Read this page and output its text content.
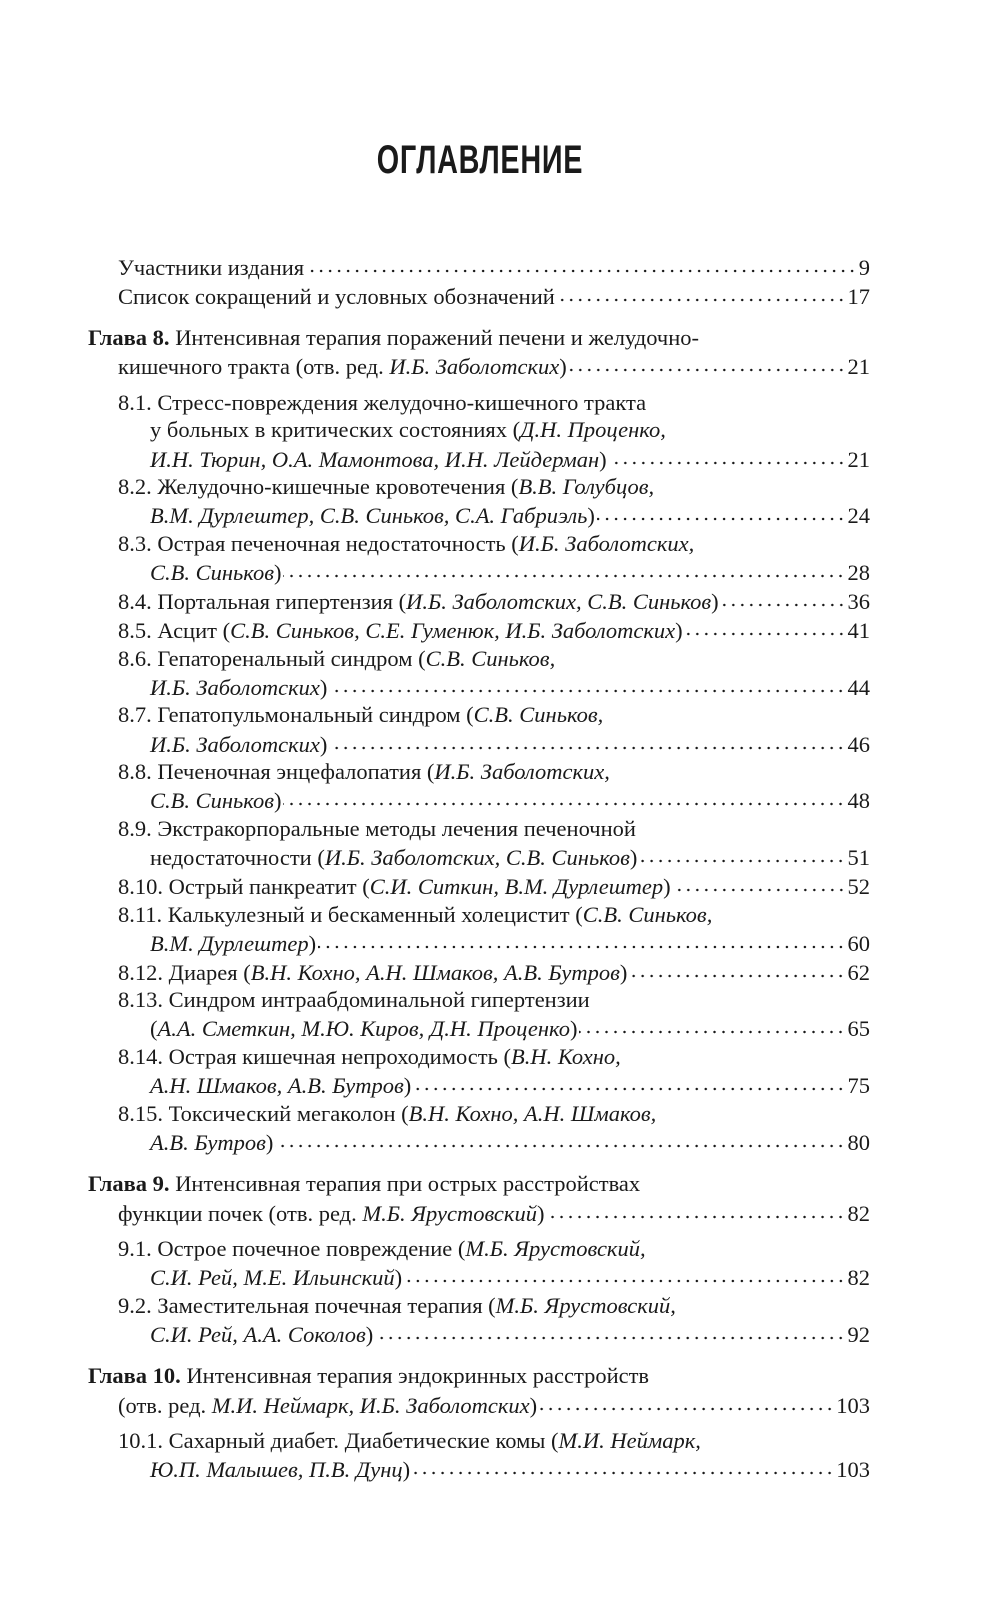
ОГЛАВЛЕНИЕ
Участники издания	9
Список сокращений и условных обозначений	17
Глава 8. Интенсивная терапия поражений печени и желудочно-
кишечного тракта (отв. ред. И.Б. Заболотских)	21
8.1. Стресс-повреждения желудочно-кишечного тракта
у больных в критических состояниях (Д.Н. Проценко,
И.Н. Тюрин, О.А. Мамонтова, И.Н. Лейдерман)	21
8.2. Желудочно-кишечные кровотечения (В.В. Голубцов,
В.М. Дурлештер, С.В. Синьков, С.А. Габриэль)	24
8.3. Острая печеночная недостаточность (И.Б. Заболотских,
С.В. Синьков)	28
8.4. Портальная гипертензия (И.Б. Заболотских, С.В. Синьков)	36
8.5. Асцит (С.В. Синьков, С.Е. Гуменюк, И.Б. Заболотских)	41
8.6. Гепаторенальный синдром (С.В. Синьков,
И.Б. Заболотских)	44
8.7. Гепатопульмональный синдром (С.В. Синьков,
И.Б. Заболотских)	46
8.8. Печеночная энцефалопатия (И.Б. Заболотских,
С.В. Синьков)	48
8.9. Экстракорпоральные методы лечения печеночной
недостаточности (И.Б. Заболотских, С.В. Синьков)	51
8.10. Острый панкреатит (С.И. Ситкин, В.М. Дурлештер)	52
8.11. Калькулезный и бескаменный холецистит (С.В. Синьков,
В.М. Дурлештер)	60
8.12. Диарея (В.Н. Кохно, А.Н. Шмаков, А.В. Бутров)	62
8.13. Синдром интраабдоминальной гипертензии
(А.А. Сметкин, М.Ю. Киров, Д.Н. Проценко)	65
8.14. Острая кишечная непроходимость (В.Н. Кохно,
А.Н. Шмаков, А.В. Бутров)	75
8.15. Токсический мегаколон (В.Н. Кохно, А.Н. Шмаков,
А.В. Бутров)	80
Глава 9. Интенсивная терапия при острых расстройствах
функции почек (отв. ред. М.Б. Ярустовский)	82
9.1. Острое почечное повреждение (М.Б. Ярустовский,
С.И. Рей, М.Е. Ильинский)	82
9.2. Заместительная почечная терапия (М.Б. Ярустовский,
С.И. Рей, А.А. Соколов)	92
Глава 10. Интенсивная терапия эндокринных расстройств
(отв. ред. М.И. Неймарк, И.Б. Заболотских)	103
10.1. Сахарный диабет. Диабетические комы (М.И. Неймарк,
Ю.П. Малышев, П.В. Дунц)	103
